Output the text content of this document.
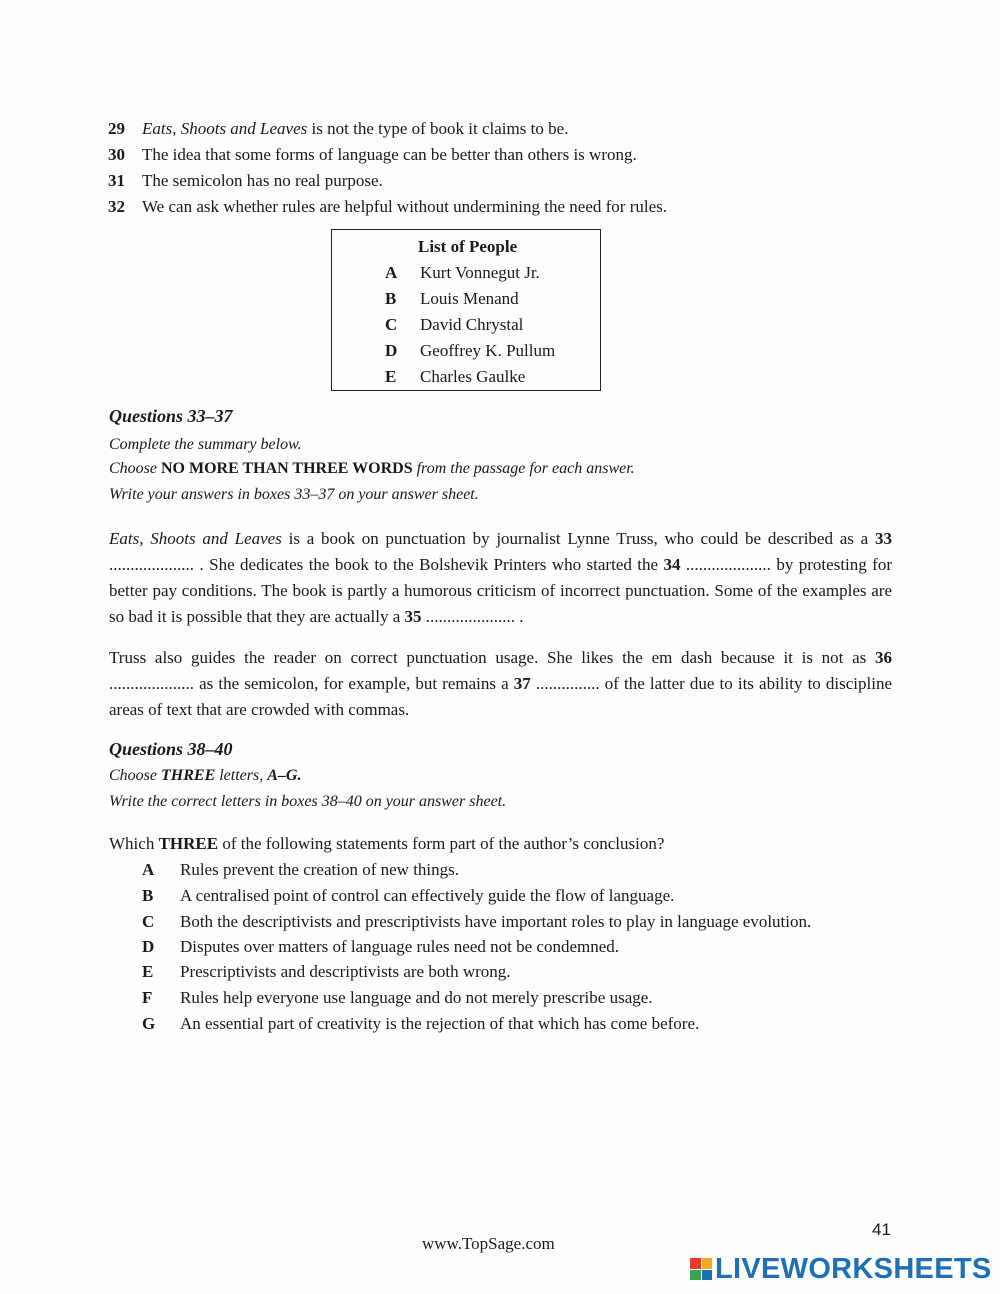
29 Eats, Shoots and Leaves is not the type of book it claims to be.
30 The idea that some forms of language can be better than others is wrong.
31 The semicolon has no real purpose.
32 We can ask whether rules are helpful without undermining the need for rules.
List of People
A Kurt Vonnegut Jr.
B Louis Menand
C David Chrystal
D Geoffrey K. Pullum
E Charles Gaulke
Questions 33–37
Complete the summary below.
Choose NO MORE THAN THREE WORDS from the passage for each answer.
Write your answers in boxes 33–37 on your answer sheet.
Eats, Shoots and Leaves is a book on punctuation by journalist Lynne Truss, who could be described as a 33 .................... . She dedicates the book to the Bolshevik Printers who started the 34 .................... by protesting for better pay conditions. The book is partly a humorous criticism of incorrect punctuation. Some of the examples are so bad it is possible that they are actually a 35 ..................... .
Truss also guides the reader on correct punctuation usage. She likes the em dash because it is not as 36 .................... as the semicolon, for example, but remains a 37 ............... of the latter due to its ability to discipline areas of text that are crowded with commas.
Questions 38–40
Choose THREE letters, A–G.
Write the correct letters in boxes 38–40 on your answer sheet.
Which THREE of the following statements form part of the author’s conclusion?
A Rules prevent the creation of new things.
B A centralised point of control can effectively guide the flow of language.
C Both the descriptivists and prescriptivists have important roles to play in language evolution.
D Disputes over matters of language rules need not be condemned.
E Prescriptivists and descriptivists are both wrong.
F Rules help everyone use language and do not merely prescribe usage.
G An essential part of creativity is the rejection of that which has come before.
41
www.TopSage.com
LIVEWORKSHEETS
